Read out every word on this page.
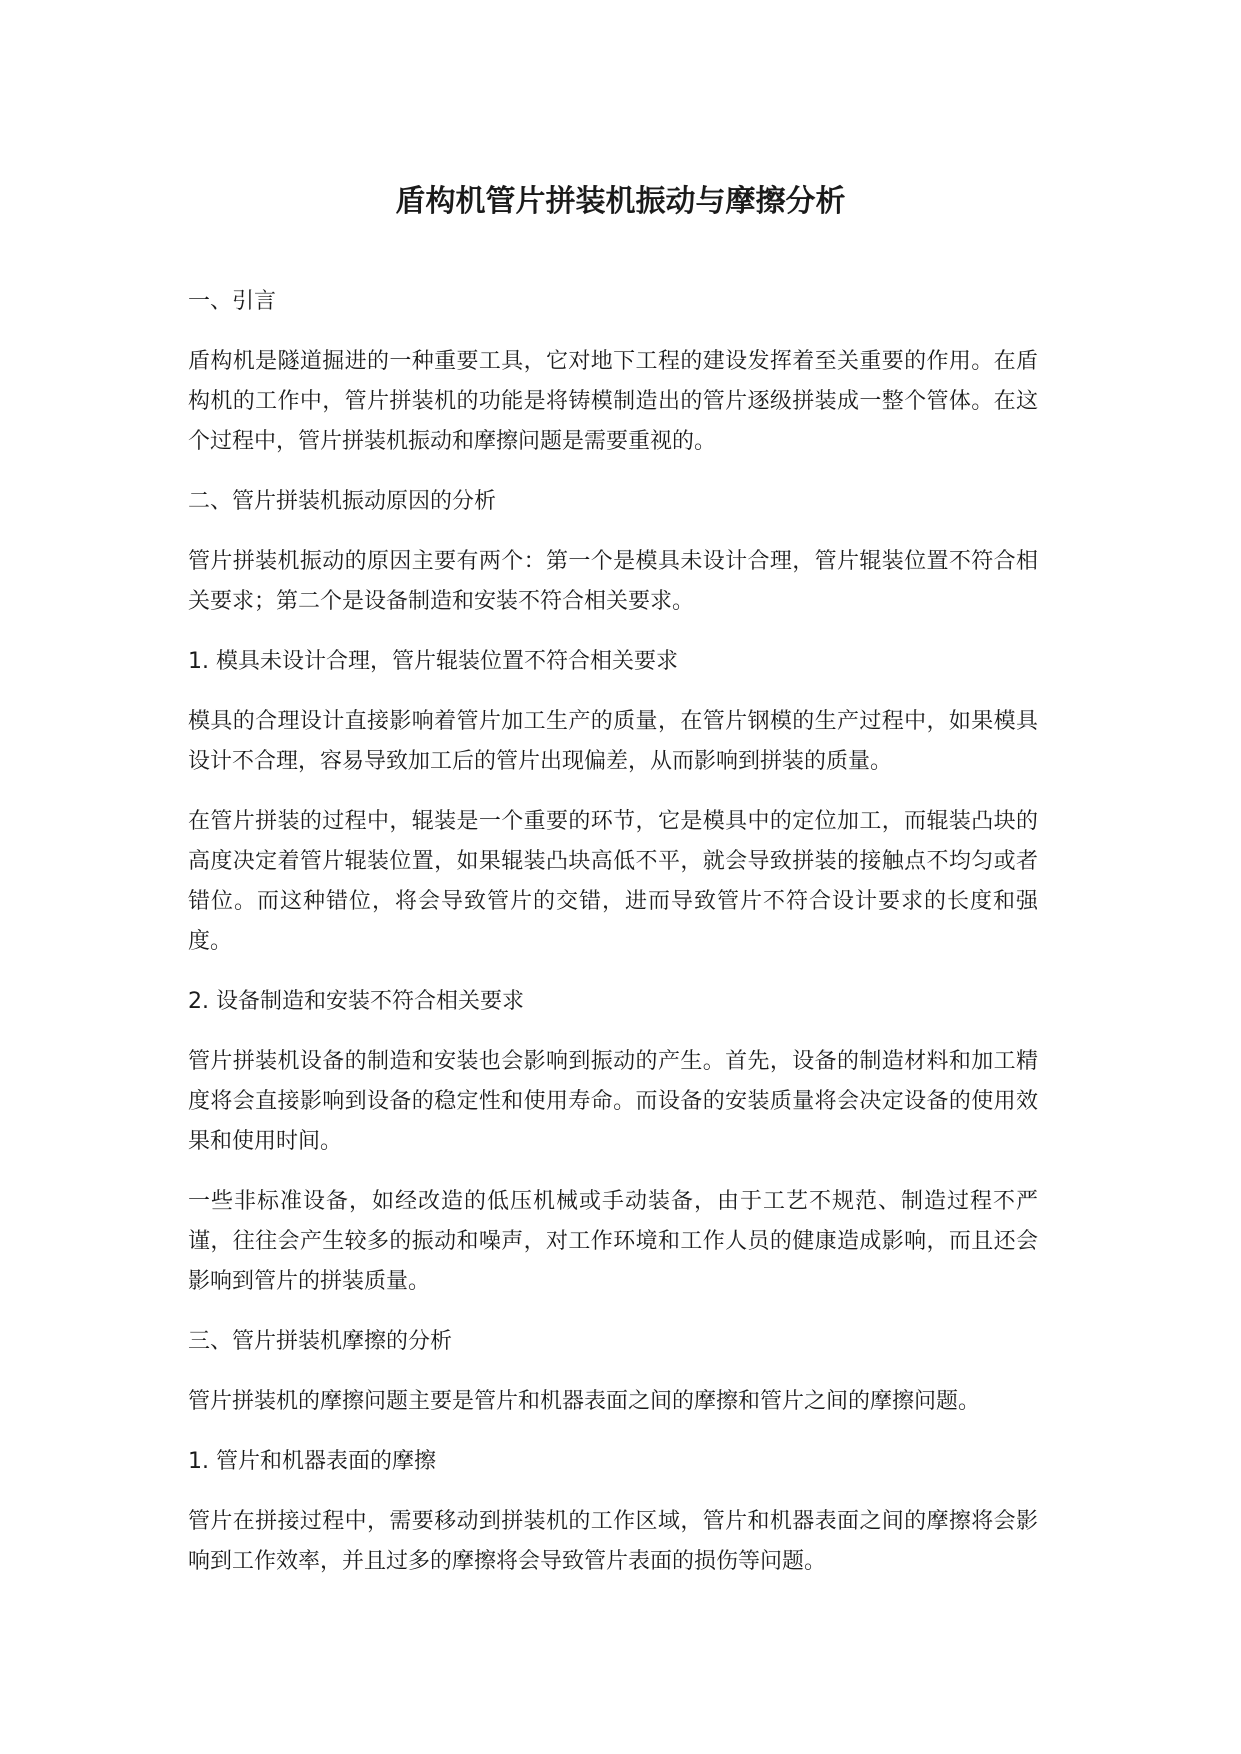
盾构机管片拼装机振动与摩擦分析

一、引言

盾构机是隧道掘进的一种重要工具，它对地下工程的建设发挥着至关重要的作用。在盾构机的工作中，管片拼装机的功能是将铸模制造出的管片逐级拼装成一整个管体。在这个过程中，管片拼装机振动和摩擦问题是需要重视的。

二、管片拼装机振动原因的分析

管片拼装机振动的原因主要有两个：第一个是模具未设计合理，管片辊装位置不符合相关要求；第二个是设备制造和安装不符合相关要求。

1. 模具未设计合理，管片辊装位置不符合相关要求

模具的合理设计直接影响着管片加工生产的质量，在管片钢模的生产过程中，如果模具设计不合理，容易导致加工后的管片出现偏差，从而影响到拼装的质量。

在管片拼装的过程中，辊装是一个重要的环节，它是模具中的定位加工，而辊装凸块的高度决定着管片辊装位置，如果辊装凸块高低不平，就会导致拼装的接触点不均匀或者错位。而这种错位，将会导致管片的交错，进而导致管片不符合设计要求的长度和强度。

2. 设备制造和安装不符合相关要求

管片拼装机设备的制造和安装也会影响到振动的产生。首先，设备的制造材料和加工精度将会直接影响到设备的稳定性和使用寿命。而设备的安装质量将会决定设备的使用效果和使用时间。

一些非标准设备，如经改造的低压机械或手动装备，由于工艺不规范、制造过程不严谨，往往会产生较多的振动和噪声，对工作环境和工作人员的健康造成影响，而且还会影响到管片的拼装质量。

三、管片拼装机摩擦的分析

管片拼装机的摩擦问题主要是管片和机器表面之间的摩擦和管片之间的摩擦问题。

1. 管片和机器表面的摩擦

管片在拼接过程中，需要移动到拼装机的工作区域，管片和机器表面之间的摩擦将会影响到工作效率，并且过多的摩擦将会导致管片表面的损伤等问题。
